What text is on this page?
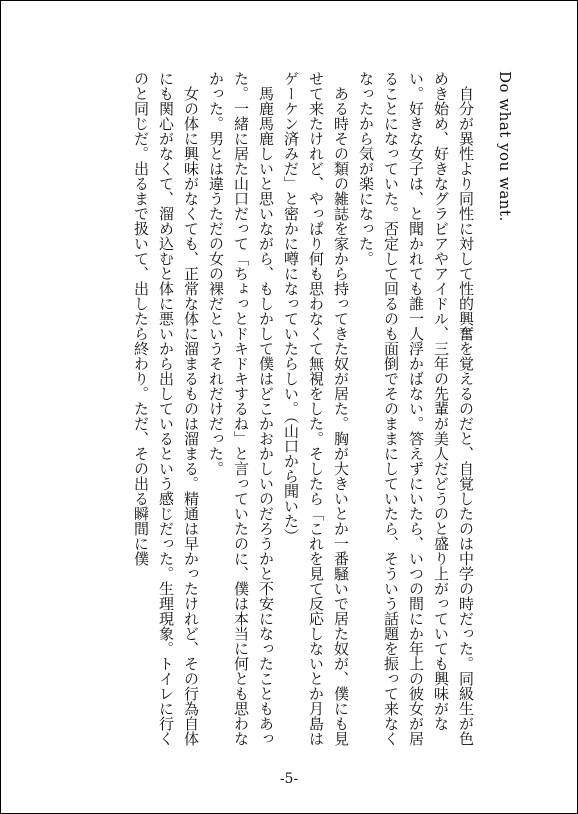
Do what you want.

自分が異性より同性に対して性的興奮を覚えるのだと、自覚したのは中学の時だった。同級生が色めき始め、好きなグラビアやアイドル、三年の先輩が美人だどうのと盛り上がっていても興味がない。好きな女子は、と聞かれても誰一人浮かばない。答えずにいたら、いつの間にか年上の彼女が居ることになっていた。否定して回るのも面倒でそのままにしていたら、そういう話題を振って来なくなったから気が楽になった。

ある時その類の雑誌を家から持ってきた奴が居た。胸が大きいとか一番騒いで居た奴が、僕にも見せて来たけれど、やっぱり何も思わなくて無視をした。そしたら「これを見て反応しないとか月島はゲーケン済みだ」と密かに噂になっていたらしい。（山口から聞いた）

馬鹿馬鹿しいと思いながら、もしかして僕はどこかおかしいのだろうかと不安になったこともあった。一緒に居た山口だって「ちょっとドキドキするね」と言っていたのに、僕は本当に何とも思わなかった。男とは違うただの女の裸だというそれだけだった。

女の体に興味がなくても、正常な体に溜まるものは溜まる。精通は早かったけれど、その行為自体にも関心がなくて、溜め込むと体に悪いから出しているという感じだった。生理現象。トイレに行くのと同じだ。出るまで扱いて、出したら終わり。ただ、その出る瞬間に僕

-5-
